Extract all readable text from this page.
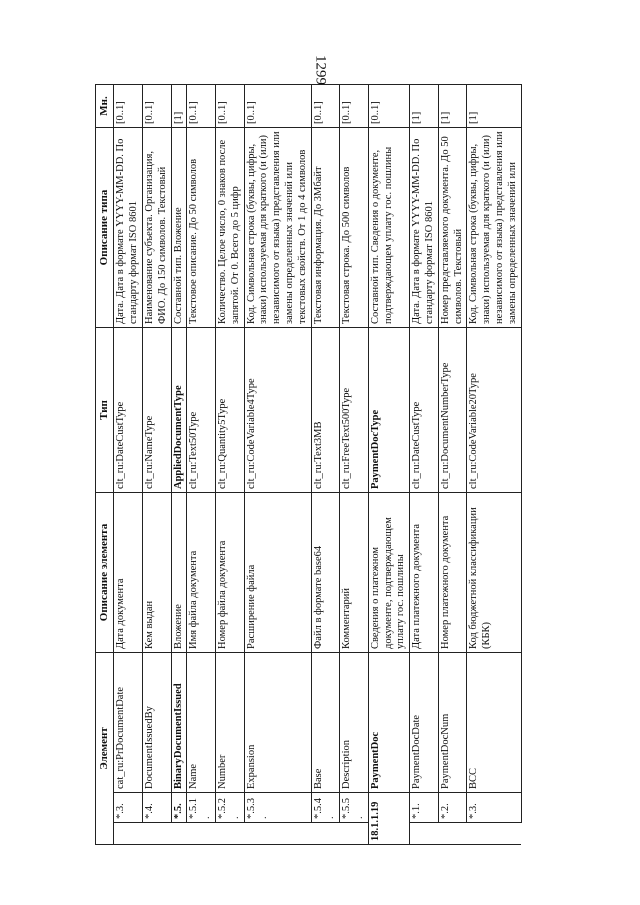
1299
Элемент			Описание элемента	Тип	Описание типа	Мн.
	*.3.	cat_ru:PrDocumentDate	Дата документа	clt_ru:DateCustType	Дата. Дата в формате YYYY-MM-DD. По стандарту формат ISO 8601	[0..1]
	*.4.	DocumentIssuedBy	Кем выдан	clt_ru:NameType	Наименование субъекта. Организация, ФИО. До 150 символов. Текстовый	[0..1]
	*.5.	BinaryDocumentIssued	Вложение	AppliedDocumentType	Составной тип. Вложение	[1]
	*.5.1.	Name	Имя файла документа	clt_ru:Text50Type	Текстовое описание. До 50 символов	[0..1]
	*.5.2.	Number	Номер файла документа	clt_ru:Quantity5Type	Количество. Целое число, 0 знаков после запятой. От 0. Всего до 5 цифр	[0..1]
	*.5.3.	Expansion	Расширение файла	clt_ru:CodeVariable4Type	Код. Символьная строка (буквы, цифры, знаки) используемая для краткого (и (или) независимого от языка) представления или замены определенных значений или текстовых свойств. От 1 до 4 символов	[0..1]
	*.5.4.	Base	Файл в формате base64	clt_ru:Text3MB	Текстовая информация. До 3Мбайт	[0..1]
	*.5.5.	Description	Комментарий	clt_ru:FreeText500Type	Текстовая строка. До 500 символов	[0..1]
18.1.1.19		PaymentDoc	Сведения о платежном документе, подтверждающем уплату гос. пошлины	PaymentDocType	Составной тип. Сведения о документе, подтверждающем уплату гос. пошлины	[0..1]
	*.1.	PaymentDocDate	Дата платежного документа	clt_ru:DateCustType	Дата. Дата в формате YYYY-MM-DD. По стандарту формат ISO 8601	[1]
	*.2.	PaymentDocNum	Номер платежного документа	clt_ru:DocumentNumberType	Номер представляемого документа. До 50 символов. Текстовый	[1]
	*.3.	BCC	Код бюджетной классификации (КБК)	clt_ru:CodeVariable20Type	Код. Символьная строка (буквы, цифры, знаки) используемая для краткого (и (или) независимого от языка) представления или замены определенных значений или	[1]
